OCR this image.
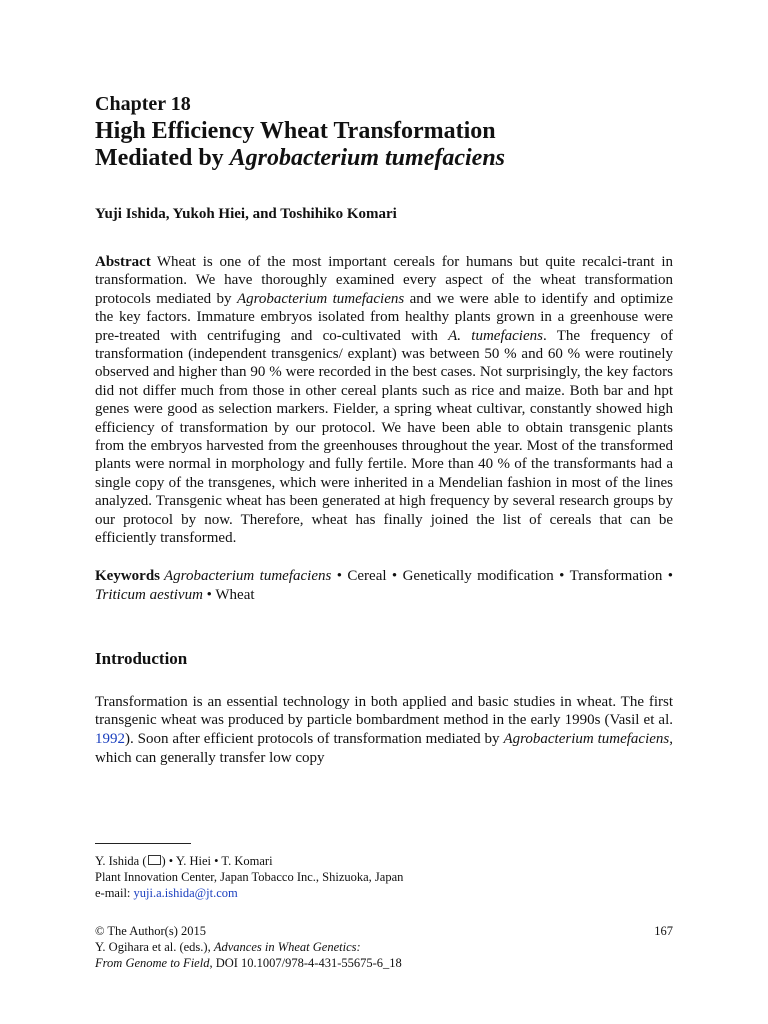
Chapter 18
High Efficiency Wheat Transformation
Mediated by Agrobacterium tumefaciens
Yuji Ishida, Yukoh Hiei, and Toshihiko Komari
Abstract Wheat is one of the most important cereals for humans but quite recalci-trant in transformation. We have thoroughly examined every aspect of the wheat transformation protocols mediated by Agrobacterium tumefaciens and we were able to identify and optimize the key factors. Immature embryos isolated from healthy plants grown in a greenhouse were pre-treated with centrifuging and co-cultivated with A. tumefaciens. The frequency of transformation (independent transgenics/ explant) was between 50 % and 60 % were routinely observed and higher than 90 % were recorded in the best cases. Not surprisingly, the key factors did not differ much from those in other cereal plants such as rice and maize. Both bar and hpt genes were good as selection markers. Fielder, a spring wheat cultivar, constantly showed high efficiency of transformation by our protocol. We have been able to obtain transgenic plants from the embryos harvested from the greenhouses throughout the year. Most of the transformed plants were normal in morphology and fully fertile. More than 40 % of the transformants had a single copy of the transgenes, which were inherited in a Mendelian fashion in most of the lines analyzed. Transgenic wheat has been generated at high frequency by several research groups by our protocol by now. Therefore, wheat has finally joined the list of cereals that can be efficiently transformed.
Keywords Agrobacterium tumefaciens • Cereal • Genetically modification • Transformation • Triticum aestivum • Wheat
Introduction
Transformation is an essential technology in both applied and basic studies in wheat. The first transgenic wheat was produced by particle bombardment method in the early 1990s (Vasil et al. 1992). Soon after efficient protocols of transformation mediated by Agrobacterium tumefaciens, which can generally transfer low copy
Y. Ishida ( ) • Y. Hiei • T. Komari
Plant Innovation Center, Japan Tobacco Inc., Shizuoka, Japan
e-mail: yuji.a.ishida@jt.com
© The Author(s) 2015	167
Y. Ogihara et al. (eds.), Advances in Wheat Genetics:
From Genome to Field, DOI 10.1007/978-4-431-55675-6_18
